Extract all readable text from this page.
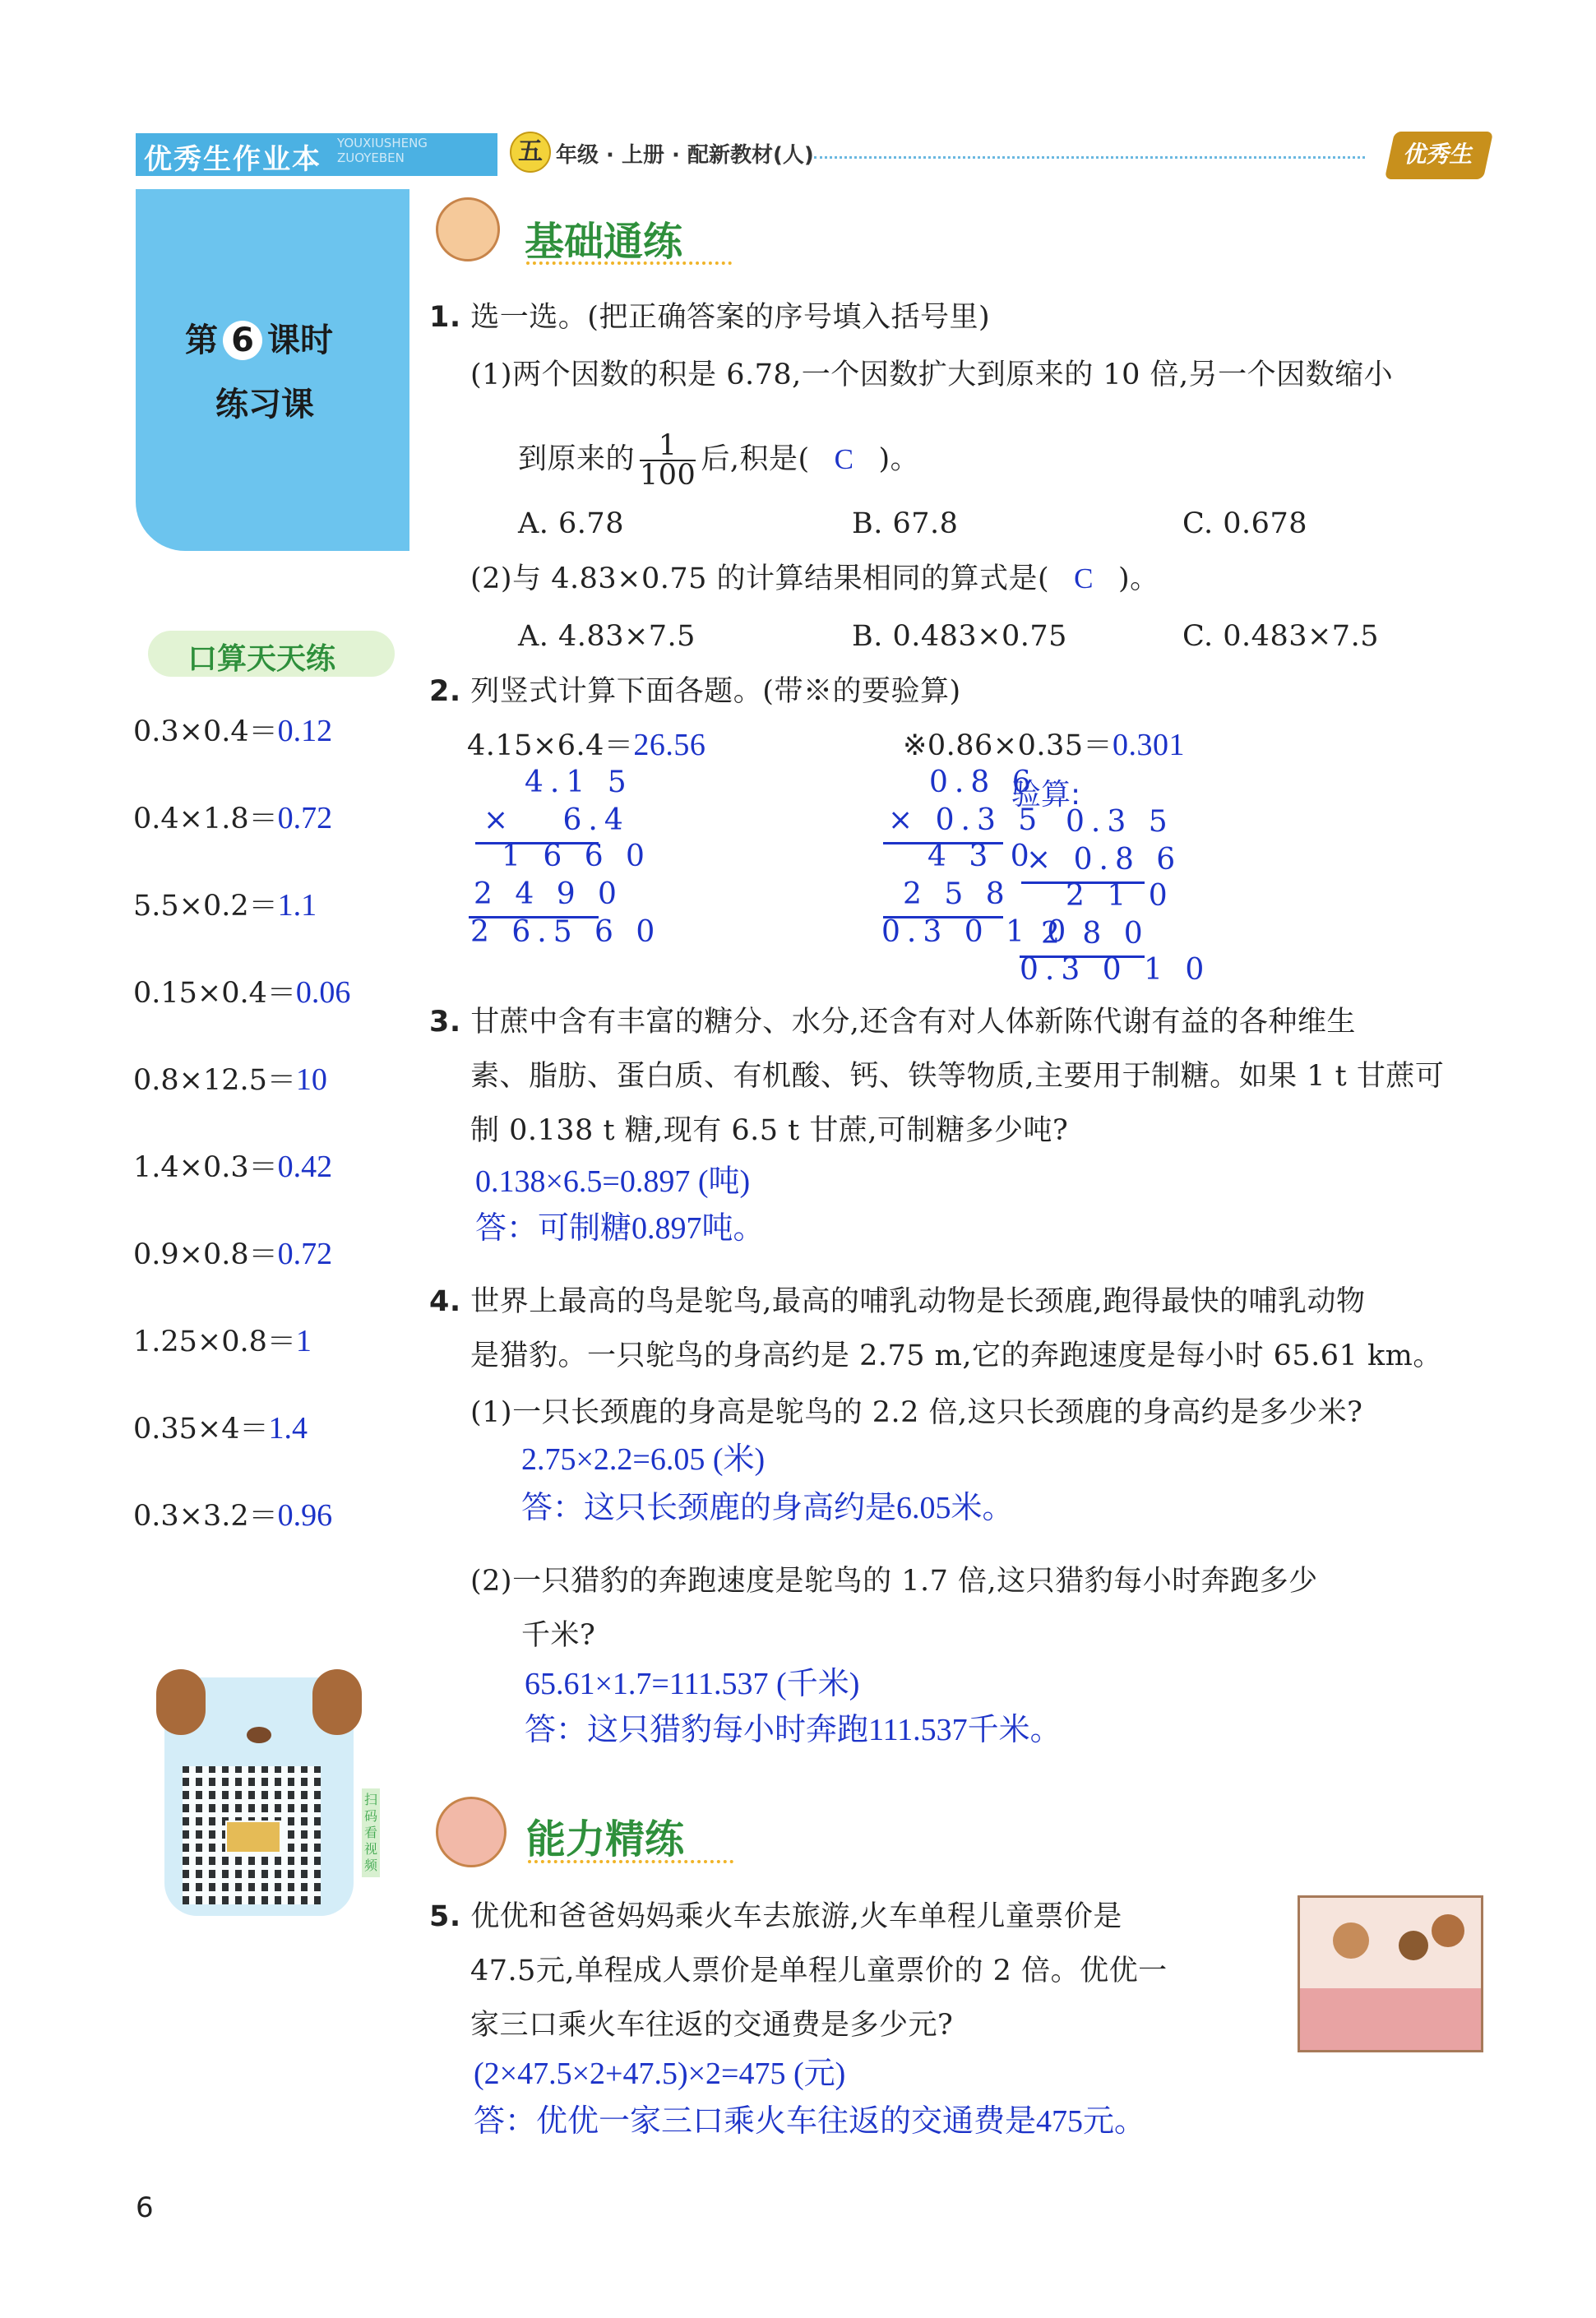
优秀生作业本 YOUXIUSHENG
ZUOYEBEN	五 年级 · 上册 · 配新教材(人)	优秀生
第 6 课时
练习课
基础通练
1. 选一选。(把正确答案的序号填入括号里)
(1)两个因数的积是 6.78,一个因数扩大到原来的 10 倍,另一个因数缩小
到原来的 $\frac{1}{100}$ 后,积是( C )。
A. 6.78	B. 67.8	C. 0.678
(2)与 4.83×0.75 的计算结果相同的算式是( C )。
A. 4.83×7.5	B. 0.483×0.75	C. 0.483×7.5
2. 列竖式计算下面各题。(带※的要验算)
4.15×6.4＝26.56	※0.86×0.35＝0.301
4.1 5
×   6.4
1 6 6 0
2 4 9 0
2 6.5 6 0
0.8 6
× 0.3 5
4 3 0
2 5 8
0.3 0 1 0
验算:
0.3 5
× 0.8 6
2 1 0
2 8 0
0.3 0 1 0
3. 甘蔗中含有丰富的糖分、水分,还含有对人体新陈代谢有益的各种维生
素、脂肪、蛋白质、有机酸、钙、铁等物质,主要用于制糖。如果 1 t 甘蔗可
制 0.138 t 糖,现有 6.5 t 甘蔗,可制糖多少吨?
0.138×6.5=0.897 (吨)
答：可制糖0.897吨。
4. 世界上最高的鸟是鸵鸟,最高的哺乳动物是长颈鹿,跑得最快的哺乳动物
是猎豹。一只鸵鸟的身高约是 2.75 m,它的奔跑速度是每小时 65.61 km。
(1)一只长颈鹿的身高是鸵鸟的 2.2 倍,这只长颈鹿的身高约是多少米?
2.75×2.2=6.05 (米)
答：这只长颈鹿的身高约是6.05米。
(2)一只猎豹的奔跑速度是鸵鸟的 1.7 倍,这只猎豹每小时奔跑多少
千米?
65.61×1.7=111.537 (千米)
答：这只猎豹每小时奔跑111.537千米。
能力精练
5. 优优和爸爸妈妈乘火车去旅游,火车单程儿童票价是
47.5元,单程成人票价是单程儿童票价的 2 倍。优优一
家三口乘火车往返的交通费是多少元?
(2×47.5×2+47.5)×2=475 (元)
答：优优一家三口乘火车往返的交通费是475元。
口算天天练
0.3×0.4＝0.12
0.4×1.8＝0.72
5.5×0.2＝1.1
0.15×0.4＝0.06
0.8×12.5＝10
1.4×0.3＝0.42
0.9×0.8＝0.72
1.25×0.8＝1
0.35×4＝1.4
0.3×3.2＝0.96
扫码看视频
6
